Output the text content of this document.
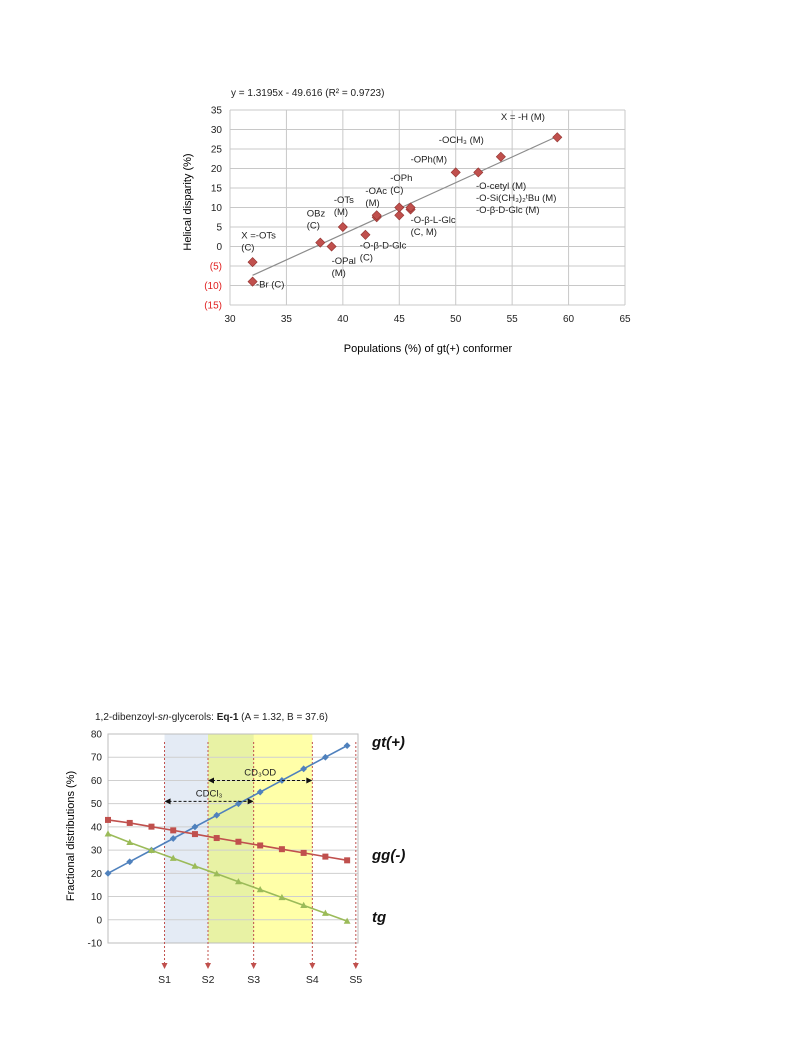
y = 1.3195x - 49.616 (R² = 0.9723)
35
30
25
20
15
10
5
0
(5)
(10)
(15)
30	35	40	45	50	55	60	65
X = -H (M)
-OCH₃ (M)
-OPh(M)
-O-cetyl (M) -O-Si(CH₃)₂ᵗBu (M) -O-β-D-Glc (M)
-OPh (C)
-OAc (M)
-O-β-L-Glc (C, M)
-OTs (M)
OBz (C)
-O-β-D-Glc (C)
-OPal (M)
X =-OTs (C)
-Br (C)
Populations (%) of gt(+) conformer
Helical disparity (%)
1,2-dibenzoyl-sn-glycerols: Eq-1 (A = 1.32, B = 37.6)
80
70
60
50
40
30
20
10
0
-10
S1	S2	S3	S4	S5
CDCl₃
CD₃OD
gt(+)
gg(-)
tg
Fractional distributions (%)
